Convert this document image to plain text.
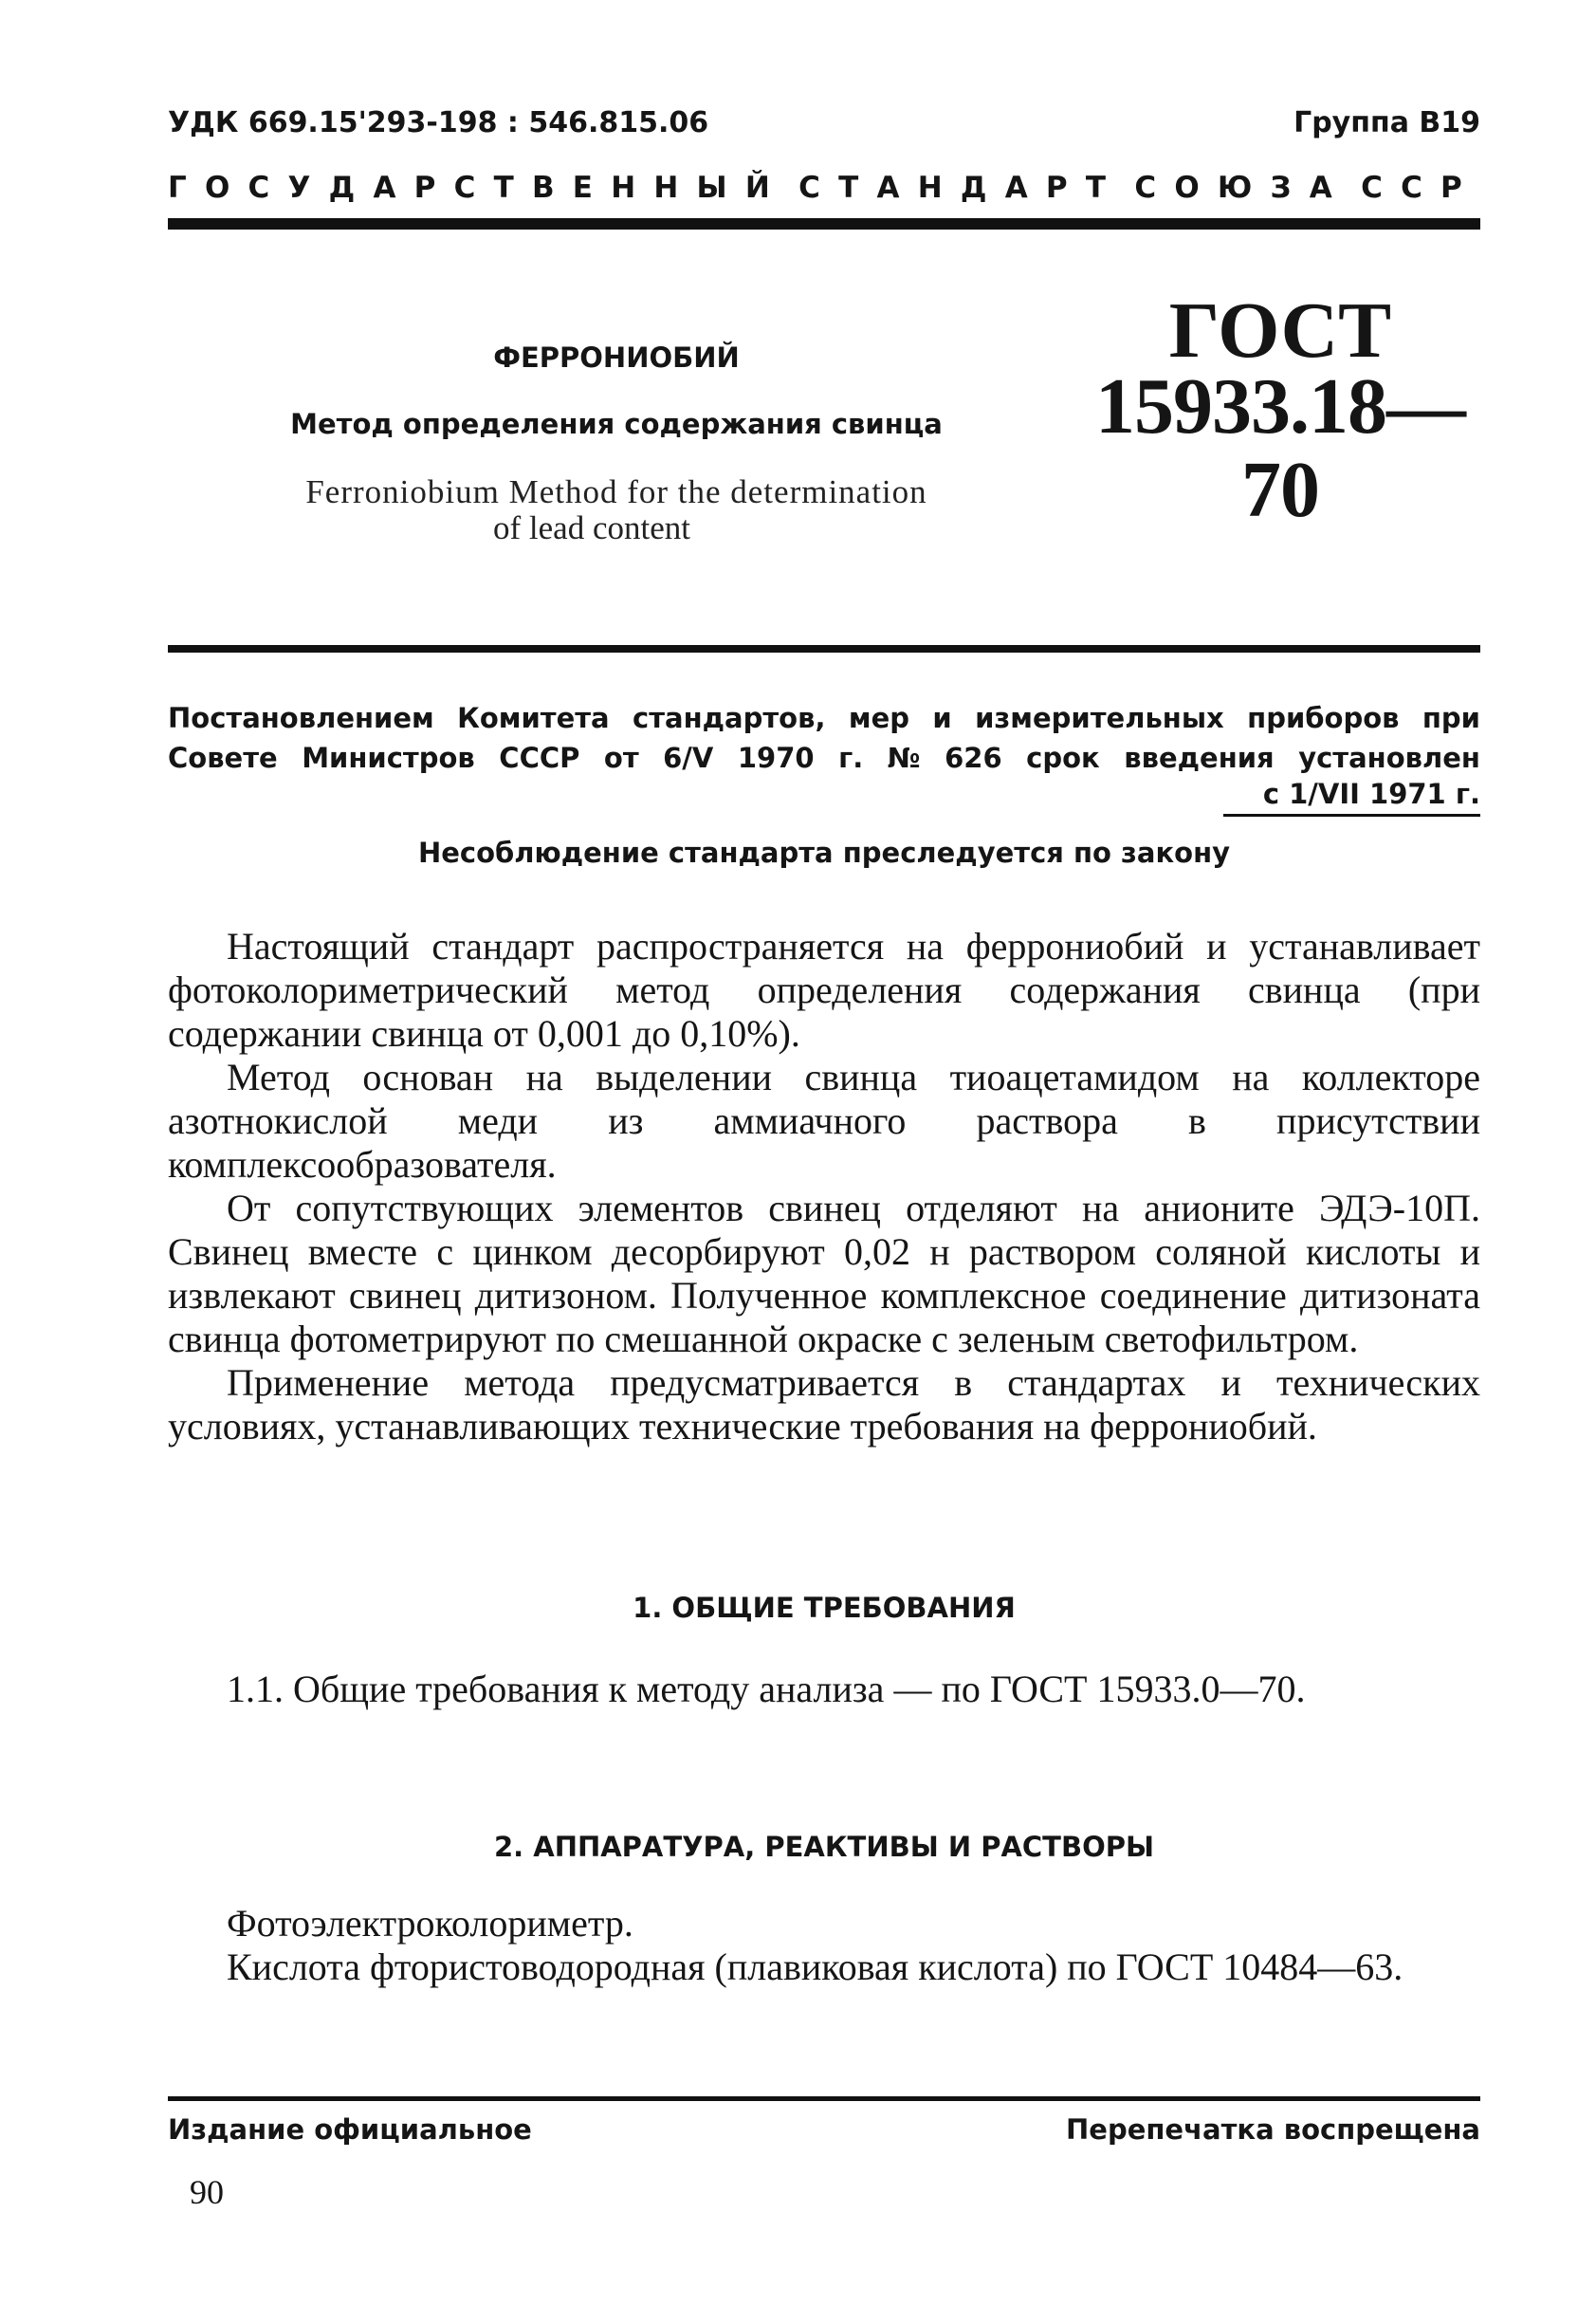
УДК 669.15'293-198 : 546.815.06	Группа В19
ГОСУДАРСТВЕННЫЙ СТАНДАРТ СОЮЗА ССР
ФЕРРОНИОБИЙ
Метод определения содержания свинца
Ferroniobium Method for the determination
of lead content
ГОСТ
15933.18—70
Постановлением Комитета стандартов, мер и измерительных приборов при
Совете Министров СССР от 6/V 1970 г. № 626 срок введения установлен
с 1/VII 1971 г.
Несоблюдение стандарта преследуется по закону

Настоящий стандарт распространяется на феррониобий и устанавливает фотоколориметрический метод определения содержания свинца (при содержании свинца от 0,001 до 0,10%).

Метод основан на выделении свинца тиоацетамидом на коллекторе азотнокислой меди из аммиачного раствора в присутствии комплексообразователя.

От сопутствующих элементов свинец отделяют на анионите ЭДЭ-10П. Свинец вместе с цинком десорбируют 0,02 н раствором соляной кислоты и извлекают свинец дитизоном. Полученное комплексное соединение дитизоната свинца фотометрируют по смешанной окраске с зеленым светофильтром.

Применение метода предусматривается в стандартах и технических условиях, устанавливающих технические требования на феррониобий.

1. ОБЩИЕ ТРЕБОВАНИЯ

1.1. Общие требования к методу анализа — по ГОСТ 15933.0—70.

2. АППАРАТУРА, РЕАКТИВЫ И РАСТВОРЫ

Фотоэлектроколориметр.

Кислота фтористоводородная (плавиковая кислота) по ГОСТ 10484—63.

Издание официальное	Перепечатка воспрещена
90
